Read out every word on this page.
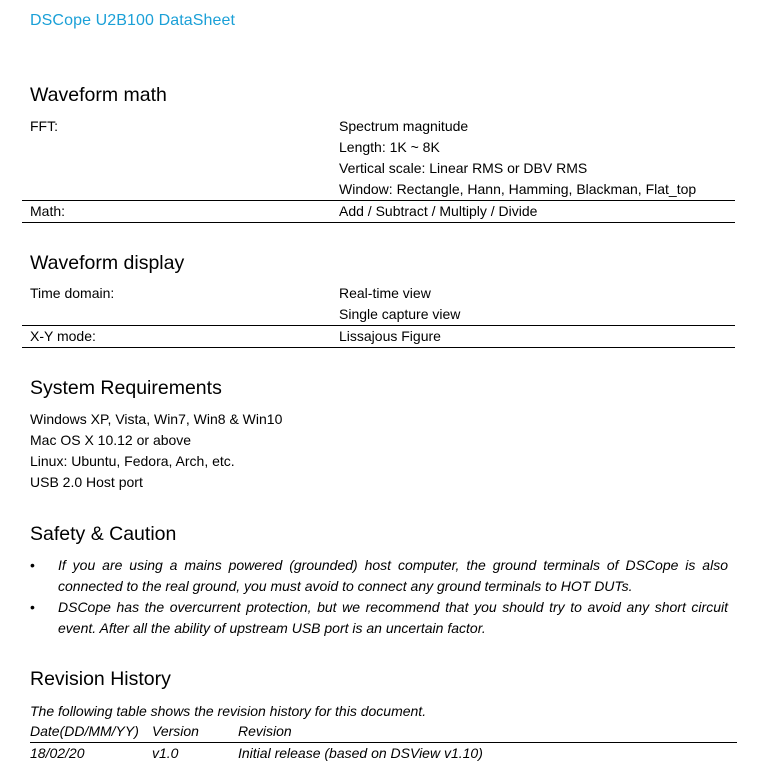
DSCope U2B100 DataSheet
Waveform math
FFT:	Spectrum magnitude
Length: 1K ~ 8K
Vertical scale: Linear RMS or DBV RMS
Window: Rectangle, Hann, Hamming, Blackman, Flat_top
Math:	Add / Subtract / Multiply / Divide
Waveform display
Time domain:	Real-time view
Single capture view
X-Y mode:	Lissajous Figure
System Requirements
Windows XP, Vista, Win7, Win8 & Win10
Mac OS X 10.12 or above
Linux: Ubuntu, Fedora, Arch, etc.
USB 2.0 Host port
Safety & Caution
• If you are using a mains powered (grounded) host computer, the ground terminals of DSCope is also connected to the real ground, you must avoid to connect any ground terminals to HOT DUTs.
• DSCope has the overcurrent protection, but we recommend that you should try to avoid any short circuit event. After all the ability of upstream USB port is an uncertain factor.
Revision History
The following table shows the revision history for this document.
Date(DD/MM/YY) Version	Revision
18/02/20	v1.0	Initial release (based on DSView v1.10)
